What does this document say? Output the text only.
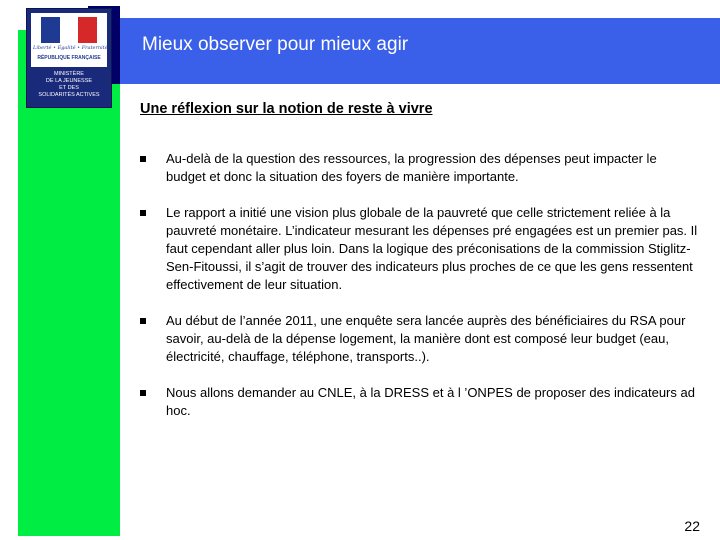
Liberté • Égalité • Fraternité
RÉPUBLIQUE FRANÇAISE
MINISTÈRE
DE LA JEUNESSE
ET DES
SOLIDARITÉS ACTIVES
Mieux observer pour mieux agir
Une réflexion sur la notion de reste à vivre
Au-delà de la question des ressources, la progression des dépenses peut impacter le budget et donc la situation des foyers de manière importante.
Le rapport a initié une vision plus globale de la pauvreté que celle strictement reliée à la pauvreté monétaire. L’indicateur mesurant les dépenses pré engagées est un premier pas. Il faut cependant aller plus loin. Dans la logique des préconisations de la commission Stiglitz-Sen-Fitoussi, il s’agit de trouver des indicateurs plus proches de ce que les gens ressentent effectivement de leur situation.
Au début de l’année 2011, une enquête sera lancée auprès des bénéficiaires du RSA pour savoir, au-delà de la dépense logement, la manière dont est composé leur budget (eau, électricité, chauffage, téléphone, transports..).
Nous allons demander au CNLE, à la DRESS et à l ’ONPES de proposer des indicateurs ad hoc.
22
